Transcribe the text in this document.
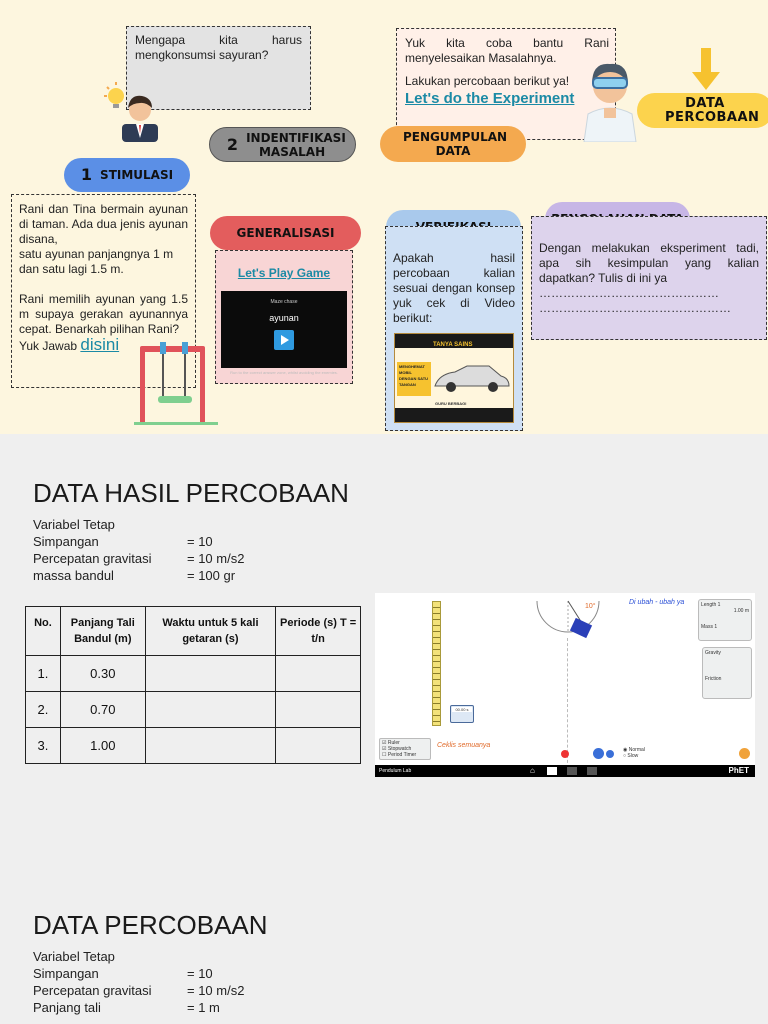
Mengapa kita harus mengkonsumsi sayuran?
Yuk kita coba bantu Rani menyelesaikan Masalahnya.
Lakukan percobaan berikut ya!
Let's do the Experiment
1 STIMULASI
2 INDENTIFIKASI MASALAH
PENGUMPULAN DATA
DATA PERCOBAAN
GENERALISASI
Rani dan Tina bermain ayunan di taman. Ada dua jenis ayunan disana,
satu ayunan panjangnya 1 m dan satu lagi 1.5 m.
Rani memilih ayunan yang 1.5 m supaya gerakan ayunannya cepat. Benarkah pilihan Rani?
Yuk Jawab disini
Let's Play Game
Maze chase
ayunan
Run to the correct answer zone, whilst avoiding the enemies.
Apakah hasil percobaan kalian sesuai dengan konsep yuk cek di Video berikut:
TANYA SAINS
MENGHEMAT
MOBIL
DENGAN SATU
TANGAN
GURU BERBAGI
Dengan melakukan eksperiment tadi, apa sih kesimpulan yang kalian dapatkan? Tulis di ini ya
………………………………………
…………………………………………
DATA HASIL PERCOBAAN
Variabel Tetap
Simpangan	= 10
Percepatan gravitasi	= 10 m/s2
massa bandul	= 100 gr
No.	Panjang Tali Bandul (m)	Waktu untuk 5 kali getaran (s)	Periode (s) T = t/n
1.	0.30		
2.	0.70		
3.	1.00		
10°
Di ubah - ubah ya
Ceklis semuanya
00.00 s
Length 1
1.00 m
Mass 1
Gravity
Friction
☑ Ruler
☑ Stopwatch
☐ Period Timer
◉ Normal
○ Slow
Pendulum Lab	⌂	PhET
DATA PERCOBAAN
Variabel Tetap
Simpangan	= 10
Percepatan gravitasi	= 10 m/s2
Panjang tali	= 1 m
